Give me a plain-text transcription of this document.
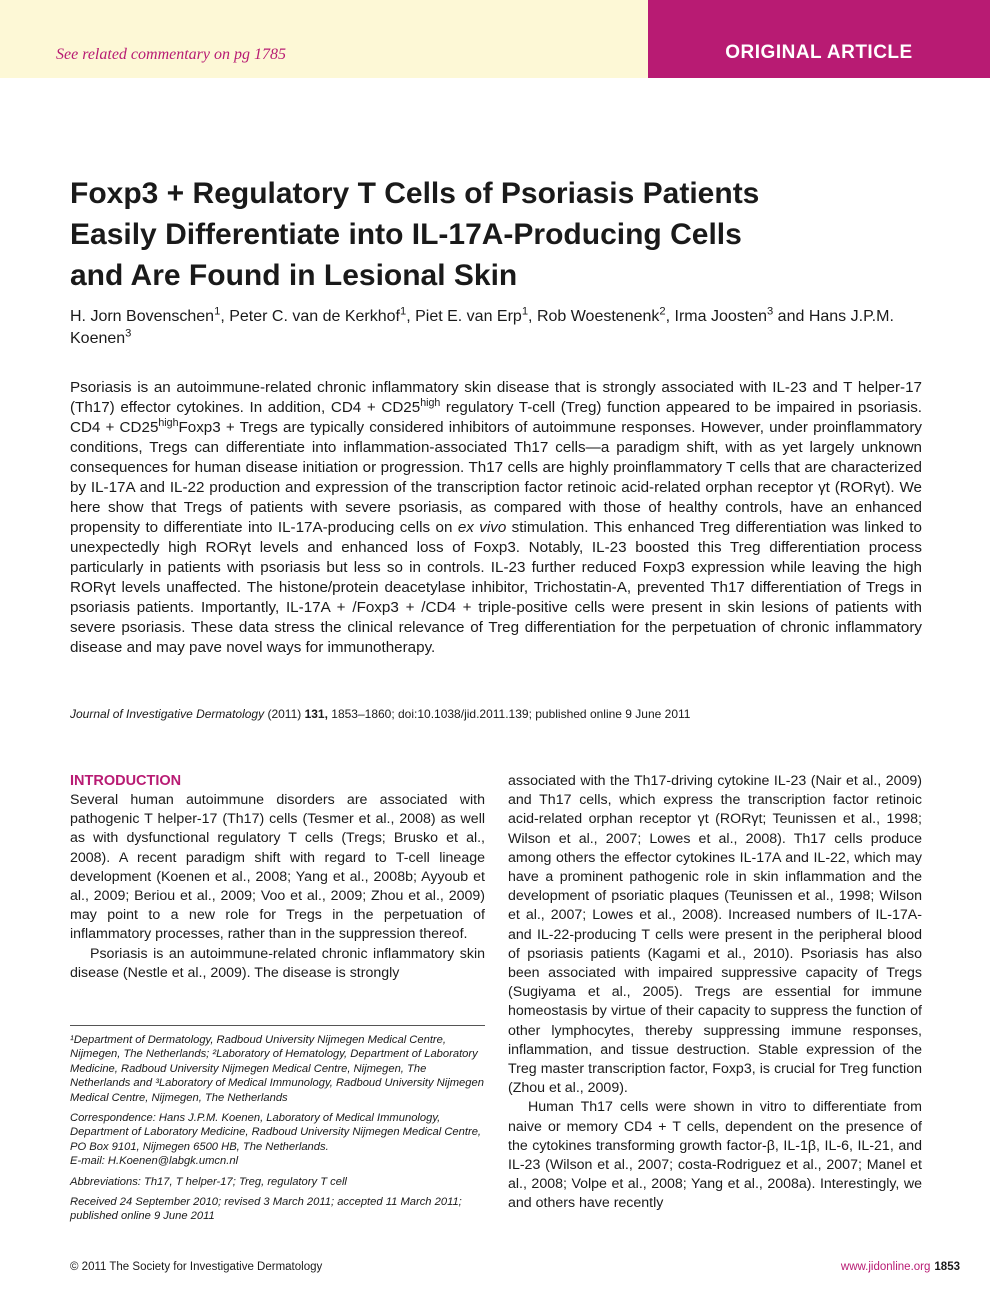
See related commentary on pg 1785	ORIGINAL ARTICLE
Foxp3 + Regulatory T Cells of Psoriasis Patients
Easily Differentiate into IL-17A-Producing Cells
and Are Found in Lesional Skin
H. Jorn Bovenschen$^1$, Peter C. van de Kerkhof$^1$, Piet E. van Erp$^1$, Rob Woestenenk$^2$, Irma Joosten$^3$ and Hans J.P.M. Koenen$^3$

Psoriasis is an autoimmune-related chronic inflammatory skin disease that is strongly associated with IL-23 and T helper-17 (Th17) effector cytokines. In addition, $CD4 + CD25^{high}$ regulatory T-cell (Treg) function appeared to be impaired in psoriasis. $CD4 + CD25^{high}Foxp3$ + Tregs are typically considered inhibitors of autoimmune responses. However, under proinflammatory conditions, Tregs can differentiate into inflammation-associated Th17 cells—a paradigm shift, with as yet largely unknown consequences for human disease initiation or progression. Th17 cells are highly proinflammatory T cells that are characterized by IL-17A and IL-22 production and expression of the transcription factor retinoic acid-related orphan receptor γt (RORγt). We here show that Tregs of patients with severe psoriasis, as compared with those of healthy controls, have an enhanced propensity to differentiate into IL-17A-producing cells on ex vivo stimulation. This enhanced Treg differentiation was linked to unexpectedly high RORγt levels and enhanced loss of Foxp3. Notably, IL-23 boosted this Treg differentiation process particularly in patients with psoriasis but less so in controls. IL-23 further reduced Foxp3 expression while leaving the high RORγt levels unaffected. The histone/protein deacetylase inhibitor, Trichostatin-A, prevented Th17 differentiation of Tregs in psoriasis patients. Importantly, IL-17A + /Foxp3 + /CD4 + triple-positive cells were present in skin lesions of patients with severe psoriasis. These data stress the clinical relevance of Treg differentiation for the perpetuation of chronic inflammatory disease and may pave novel ways for immunotherapy.

Journal of Investigative Dermatology (2011) 131, 1853–1860; doi:10.1038/jid.2011.139; published online 9 June 2011
INTRODUCTION

Several human autoimmune disorders are associated with pathogenic T helper-17 (Th17) cells (Tesmer et al., 2008) as well as with dysfunctional regulatory T cells (Tregs; Brusko et al., 2008). A recent paradigm shift with regard to T-cell lineage development (Koenen et al., 2008; Yang et al., 2008b; Ayyoub et al., 2009; Beriou et al., 2009; Voo et al., 2009; Zhou et al., 2009) may point to a new role for Tregs in the perpetuation of inflammatory processes, rather than in the suppression thereof.

Psoriasis is an autoimmune-related chronic inflammatory skin disease (Nestle et al., 2009). The disease is strongly

¹Department of Dermatology, Radboud University Nijmegen Medical Centre, Nijmegen, The Netherlands; ²Laboratory of Hematology, Department of Laboratory Medicine, Radboud University Nijmegen Medical Centre, Nijmegen, The Netherlands and ³Laboratory of Medical Immunology, Radboud University Nijmegen Medical Centre, Nijmegen, The Netherlands

Correspondence: Hans J.P.M. Koenen, Laboratory of Medical Immunology, Department of Laboratory Medicine, Radboud University Nijmegen Medical Centre, PO Box 9101, Nijmegen 6500 HB, The Netherlands.
E-mail: H.Koenen@labgk.umcn.nl

Abbreviations: Th17, T helper-17; Treg, regulatory T cell

Received 24 September 2010; revised 3 March 2011; accepted 11 March 2011; published online 9 June 2011

associated with the Th17-driving cytokine IL-23 (Nair et al., 2009) and Th17 cells, which express the transcription factor retinoic acid-related orphan receptor γt (RORγt; Teunissen et al., 1998; Wilson et al., 2007; Lowes et al., 2008). Th17 cells produce among others the effector cytokines IL-17A and IL-22, which may have a prominent pathogenic role in skin inflammation and the development of psoriatic plaques (Teunissen et al., 1998; Wilson et al., 2007; Lowes et al., 2008). Increased numbers of IL-17A- and IL-22-producing T cells were present in the peripheral blood of psoriasis patients (Kagami et al., 2010). Psoriasis has also been associated with impaired suppressive capacity of Tregs (Sugiyama et al., 2005). Tregs are essential for immune homeostasis by virtue of their capacity to suppress the function of other lymphocytes, thereby suppressing immune responses, inflammation, and tissue destruction. Stable expression of the Treg master transcription factor, Foxp3, is crucial for Treg function (Zhou et al., 2009).

Human Th17 cells were shown in vitro to differentiate from naive or memory CD4 + T cells, dependent on the presence of the cytokines transforming growth factor-β, IL-1β, IL-6, IL-21, and IL-23 (Wilson et al., 2007; costa-Rodriguez et al., 2007; Manel et al., 2008; Volpe et al., 2008; Yang et al., 2008a). Interestingly, we and others have recently

© 2011 The Society for Investigative Dermatology	www.jidonline.org 1853
